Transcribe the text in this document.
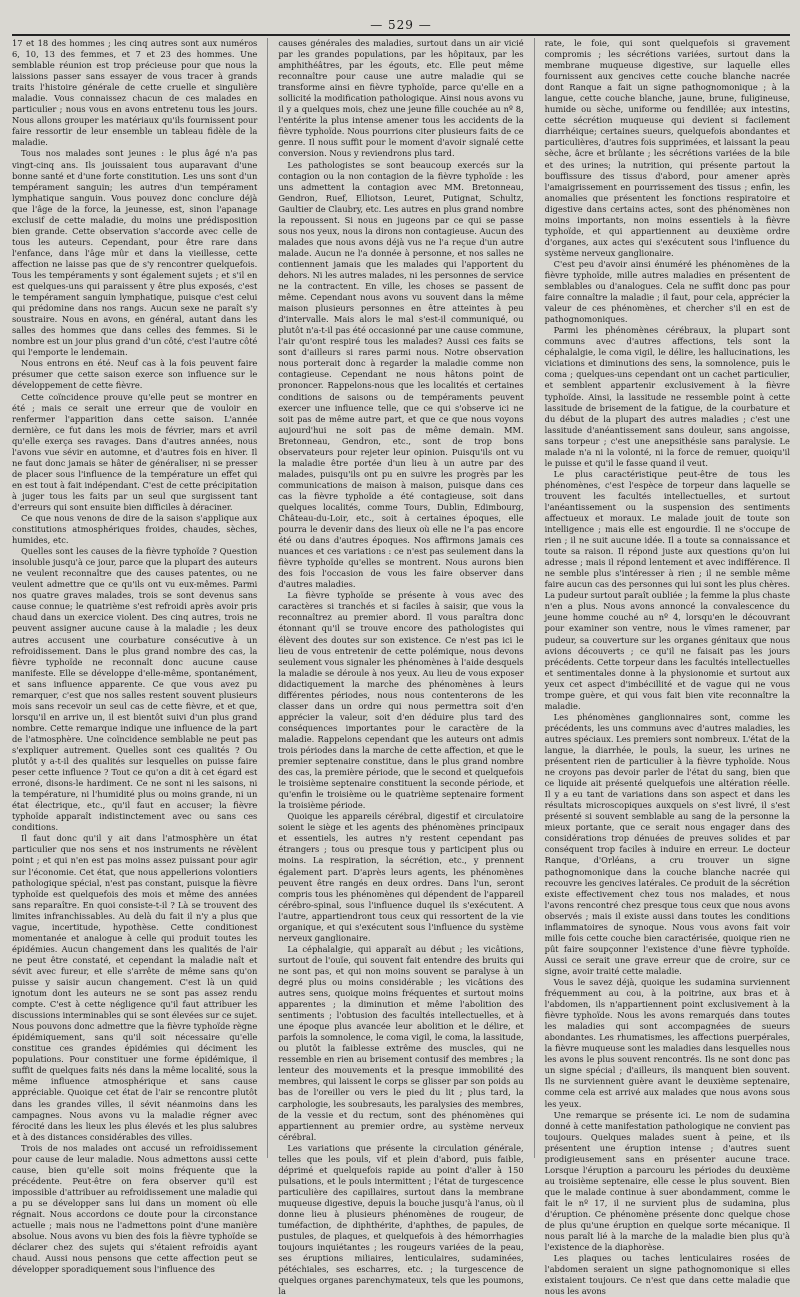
— 529 —

17 et 18 des hommes ; les cinq autres sont aux numéros 6, 10, 13 des femmes, et 7 et 23 des hommes. Une semblable réunion est trop précieuse pour que nous la laissions passer sans essayer de vous tracer à grands traits l'histoire générale de cette cruelle et singulière maladie. Vous connaissez chacun de ces malades en particulier ; nous vous en avons entretenu tous les jours. Nous allons grouper les matériaux qu'ils fournissent pour faire ressortir de leur ensemble un tableau fidèle de la maladie.

Tous nos malades sont jeunes : le plus âgé n'a pas vingt-cinq ans. Ils jouissaient tous auparavant d'une bonne santé et d'une forte constitution. Les uns sont d'un tempérament sanguin; les autres d'un tempérament lymphatique sanguin. Vous pouvez donc conclure déjà que l'âge de la force, la jeunesse, est, sinon l'apanage exclusif de cette maladie, du moins une prédisposition bien grande. Cette observation s'accorde avec celle de tous les auteurs. Cependant, pour être rare dans l'enfance, dans l'âge mûr et dans la vieillesse, cette affection ne laisse pas que de s'y rencontrer quelquefois. Tous les tempéraments y sont également sujets ; et s'il en est quelques-uns qui paraissent y être plus exposés, c'est le tempérament sanguin lymphatique, puisque c'est celui qui prédomine dans nos rangs. Aucun sexe ne paraît s'y soustraire. Nous en avons, en général, autant dans les salles des hommes que dans celles des femmes. Si le nombre est un jour plus grand d'un côté, c'est l'autre côté qui l'emporte le lendemain.

Nous entrons en été. Neuf cas à la fois peuvent faire présumer que cette saison exerce son influence sur le développement de cette fièvre.

Cette coïncidence prouve qu'elle peut se montrer en été ; mais ce serait une erreur que de vouloir en renfermer l'apparition dans cette saison. L'année dernière, ce fut dans les mois de février, mars et avril qu'elle exerça ses ravages. Dans d'autres années, nous l'avons vue sévir en automne, et d'autres fois en hiver. Il ne faut donc jamais se hâter de généraliser, ni se presser de placer sous l'influence de la température un effet qui en est tout à fait indépendant. C'est de cette précipitation à juger tous les faits par un seul que surgissent tant d'erreurs qui sont ensuite bien difficiles à déraciner.

Ce que nous venons de dire de la saison s'applique aux constitutions atmosphériques froides, chaudes, sèches, humides, etc.

Quelles sont les causes de la fièvre typhoïde ? Question insoluble jusqu'à ce jour, parce que la plupart des auteurs ne veulent reconnaître que des causes patentes, ou ne veulent admettre que ce qu'ils ont vu eux-mêmes. Parmi nos quatre graves malades, trois se sont devenus sans cause connue; le quatrième s'est refroidi après avoir pris chaud dans un exercice violent. Des cinq autres, trois ne peuvent assigner aucune cause à la maladie ; les deux autres accusent une courbature consécutive à un refroidissement. Dans le plus grand nombre des cas, la fièvre typhoïde ne reconnaît donc aucune cause manifeste. Elle se développe d'elle-même, spontanément, et sans influence apparente. Ce que vous avez pu remarquer, c'est que nos salles restent souvent plusieurs mois sans recevoir un seul cas de cette fièvre, et et que, lorsqu'il en arrive un, il est bientôt suivi d'un plus grand nombre. Cette remarque indique une influence de la part de l'atmosphère. Une coïncidence semblable ne peut pas s'expliquer autrement. Quelles sont ces qualités ? Ou plutôt y a-t-il des qualités sur lesquelles on puisse faire peser cette influence ? Tout ce qu'on a dit à cet égard est erroné, disons-le hardiment. Ce ne sont ni les saisons, ni la température, ni l'humidité plus ou moins grande, ni un état électrique, etc., qu'il faut en accuser; la fièvre typhoïde apparaît indistinctement avec ou sans ces conditions.

Il faut donc qu'il y ait dans l'atmosphère un état particulier que nos sens et nos instruments ne révèlent point ; et qui n'en est pas moins assez puissant pour agir sur l'économie. Cet état, que nous appellerions volontiers pathologique spécial, n'est pas constant, puisque la fièvre typhoïde est quelquefois des mois et même des années sans reparaître. En quoi consiste-t-il ? Là se trouvent des limites infranchissables. Au delà du fait il n'y a plus que vague, incertitude, hypothèse. Cette conditionest momentanée et analogue à celle qui produit toutes les épidémies. Aucun changement dans les qualités de l'air ne peut être constaté, et cependant la maladie naît et sévit avec fureur, et elle s'arrête de même sans qu'on puisse y saisir aucun changement. C'est là un quid ignotum dont les auteurs ne se sont pas assez rendu compte. C'est à cette négligence qu'il faut attribuer les discussions interminables qui se sont élevées sur ce sujet. Nous pouvons donc admettre que la fièvre typhoïde règne épidémiquement, sans qu'il soit nécessaire qu'elle constitue ces grandes épidémies qui déciment les populations. Pour constituer une forme épidémique, il suffit de quelques faits nés dans la même localité, sous la même influence atmosphérique et sans cause appréciable. Quoique cet état de l'air se rencontre plutôt dans les grandes villes, il sévit néanmoins dans les campagnes. Nous avons vu la maladie régner avec férocité dans les lieux les plus élevés et les plus salubres et à des distances considérables des villes.

Trois de nos malades ont accusé un refroidissement pour cause de leur maladie. Nous admettons aussi cette cause, bien qu'elle soit moins fréquente que la précédente. Peut-être on fera observer qu'il est impossible d'attribuer au refroidissement une maladie qui a pu se développer sans lui dans un moment où elle régnait. Nous accordons ce doute pour la circonstance actuelle ; mais nous ne l'admettons point d'une manière absolue. Nous avons vu bien des fois la fièvre typhoïde se déclarer chez des sujets qui s'étaient refroidis ayant chaud. Aussi nous pensons que cette affection peut se développer sporadiquement sous l'influence des

causes générales des maladies, surtout dans un air vicié par les grandes populations, par les hôpitaux, par les amphithéâtres, par les égouts, etc. Elle peut même reconnaître pour cause une autre maladie qui se transforme ainsi en fièvre typhoïde, parce qu'elle en a sollicité la modification pathologique. Ainsi nous avons vu il y a quelques mois, chez une jeune fille couchée au nº 8, l'entérite la plus intense amener tous les accidents de la fièvre typhoïde. Nous pourrions citer plusieurs faits de ce genre. Il nous suffit pour le moment d'avoir signalé cette conversion. Nous y reviendrons plus tard.

Les pathologistes se sont beaucoup exercés sur la contagion ou la non contagion de la fièvre typhoïde : les uns admettent la contagion avec MM. Bretonneau, Gendron, Ruef, Elliotson, Leuret, Putignat, Schultz, Gaultier de Claubry, etc. Les autres en plus grand nombre la repoussent. Si nous en jugeons par ce qui se passe sous nos yeux, nous la dirons non contagieuse. Aucun des malades que nous avons déjà vus ne l'a reçue d'un autre malade. Aucun ne l'a donnée à personne, et nos salles ne contiennent jamais que les malades qui l'apportent du dehors. Ni les autres malades, ni les personnes de service ne la contractent. En ville, les choses se passent de même. Cependant nous avons vu souvent dans la même maison plusieurs personnes en être atteintes à peu d'intervalle. Mais alors le mal s'est-il communiqué, ou plutôt n'a-t-il pas été occasionné par une cause commune, l'air qu'ont respiré tous les malades? Aussi ces faits se sont d'ailleurs si rares parmi nous. Notre observation nous porterait donc à regarder la maladie comme non contagieuse. Cependant ne nous hâtons point de prononcer. Rappelons-nous que les localités et certaines conditions de saisons ou de tempéraments peuvent exercer une influence telle, que ce qui s'observe ici ne soit pas de même autre part, et que ce que nous voyons aujourd'hui ne soit pas de même demain. MM. Bretonneau, Gendron, etc., sont de trop bons observateurs pour rejeter leur opinion. Puisqu'ils ont vu la maladie être portée d'un lieu à un autre par des malades, puisqu'ils ont pu en suivre les progrès par les communications de maison à maison, puisque dans ces cas la fièvre typhoïde a été contagieuse, soit dans quelques localités, comme Tours, Dublin, Edimbourg, Château-du-Loir, etc., soit à certaines époques, elle pourra le devenir dans des lieux où elle ne l'a pas encore été ou dans d'autres époques. Nos affirmons jamais ces nuances et ces variations : ce n'est pas seulement dans la fièvre typhoïde qu'elles se montrent. Nous aurons bien des fois l'occasion de vous les faire observer dans d'autres maladies.

La fièvre typhoïde se présente à vous avec des caractères si tranchés et si faciles à saisir, que vous la reconnaîtrez au premier abord. Il vous paraîtra donc étonnant qu'il se trouve encore des pathologistes qui élèvent des doutes sur son existence. Ce n'est pas ici le lieu de vous entretenir de cette polémique, nous devons seulement vous signaler les phénomènes à l'aide desquels la maladie se déroule à nos yeux. Au lieu de vous exposer didactiquement la marche des phénomènes à leurs différentes périodes, nous nous contenterons de les classer dans un ordre qui nous permettra soit d'en apprécier la valeur, soit d'en déduire plus tard des conséquences importantes pour le caractère de la maladie. Rappelons cependant que les auteurs ont admis trois périodes dans la marche de cette affection, et que le premier septenaire constitue, dans le plus grand nombre des cas, la première période, que le second et quelquefois le troisième septenaire constituent la seconde période, et qu'enfin le troisième ou le quatrième septenaire forment la troisième période.

Quoique les appareils cérébral, digestif et circulatoire soient le siège et les agents des phénomènes principaux et essentiels, les autres n'y restent cependant pas étrangers ; tous ou presque tous y participent plus ou moins. La respiration, la sécrétion, etc., y prennent également part. D'après leurs agents, les phénomènes peuvent être rangés en deux ordres. Dans l'un, seront compris tous les phénomènes qui dépendent de l'appareil cérébro-spinal, sous l'influence duquel ils s'exécutent. A l'autre, appartiendront tous ceux qui ressortent de la vie organique, et qui s'exécutent sous l'influence du système nerveux ganglionaire.

La céphalalgie, qui apparaît au début ; les vicâtions, surtout de l'ouïe, qui souvent fait entendre des bruits qui ne sont pas, et qui non moins souvent se paralyse à un degré plus ou moins considérable ; les vicâtions des autres sens, quoique moins fréquentes et surtout moins apparentes ; la diminution et même l'abolition des sentiments ; l'obtusion des facultés intellectuelles, et à une époque plus avancée leur abolition et le délire, et parfois la somnolence, le coma vigil, le coma, la lassitude, ou plutôt la faiblesse extrême des muscles, qui ne ressemble en rien au brisement contusif des membres ; la lenteur des mouvements et la presque immobilité des membres, qui laissent le corps se glisser par son poids au bas de l'oreiller ou vers le pied du lit ; plus tard, la carphologie, les soubresauts, les paralysies des membres, de la vessie et du rectum, sont des phénomènes qui appartiennent au premier ordre, au système nerveux cérébral.

Les variations que présente la circulation générale, telles que les pouls, vif et plein d'abord, puis faible, déprimé et quelquefois rapide au point d'aller à 150 pulsations, et le pouls intermittent ; l'état de turgescence particulière des capillaires, surtout dans la membrane muqueuse digestive, depuis la bouche jusqu'à l'anus, où il donne lieu à plusieurs phénomènes de rougeur, de tuméfaction, de diphthérite, d'aphthes, de papules, de pustules, de plaques, et quelquefois à des hémorrhagies toujours inquiétantes ; les rougeurs variées de la peau, ses éruptions miliaires, lenticulaires, sudaminées, pétéchiales, ses escharres, etc. ; la turgescence de quelques organes parenchymateux, tels que les poumons, la

rate, le foie, qui sont quelquefois si gravement compromis ; les sécrétions variées, surtout dans la membrane muqueuse digestive, sur laquelle elles fournissent aux gencives cette couche blanche nacrée dont Ranque a fait un signe pathognomonique ; à la langue, cette couche blanche, jaune, brune, fuligineuse, humide ou sèche, uniforme ou fendillée; aux intestins, cette sécrétion muqueuse qui devient si facilement diarrhéique; certaines sueurs, quelquefois abondantes et particulières, d'autres fois supprimées, et laissant la peau sèche, âcre et brûlante ; les sécrétions variées de la bile et des urines; la nutrition, qui présente partout la bouffissure des tissus d'abord, pour amener après l'amaigrissement en pourrissement des tissus ; enfin, les anomalies que présentent les fonctions respiratoire et digestive dans certains actes, sont des phénomènes non moins importants, non moins essentiels à la fièvre typhoïde, et qui appartiennent au deuxième ordre d'organes, aux actes qui s'exécutent sous l'influence du système nerveux ganglionaire.

C'est peu d'avoir ainsi énuméré les phénomènes de la fièvre typhoïde, mille autres maladies en présentent de semblables ou d'analogues. Cela ne suffit donc pas pour faire connaître la maladie ; il faut, pour cela, apprécier la valeur de ces phénomènes, et chercher s'il en est de pathognomoniques.

Parmi les phénomènes cérébraux, la plupart sont communs avec d'autres affections, tels sont la céphalalgie, le coma vigil, le délire, les hallucinations, les viciations et diminutions des sens, la somnolence, puis le coma ; quelques-uns cependant ont un cachet particulier, et semblent appartenir exclusivement à la fièvre typhoïde. Ainsi, la lassitude ne ressemble point à cette lassitude de brisement de la fatigue, de la courbature et du début de la plupart des autres maladies ; c'est une lassitude d'anéantissement sans douleur, sans angoisse, sans torpeur ; c'est une anepsithésie sans paralysie. Le malade n'a ni la volonté, ni la force de remuer, quoiqu'il le puisse et qu'il le fasse quand il veut.

Le plus caractéristique peut-être de tous les phénomènes, c'est l'espèce de torpeur dans laquelle se trouvent les facultés intellectuelles, et surtout l'anéantissement ou la suspension des sentiments affectueux et moraux. Le malade jouit de toute son intelligence ; mais elle est engourdie. Il ne s'occupe de rien ; il ne suit aucune idée. Il a toute sa connaissance et toute sa raison. Il répond juste aux questions qu'on lui adresse ; mais il répond lentement et avec indifférence. Il ne semble plus s'intéresser à rien ; il ne semble même faire aucun cas des personnes qui lui sont les plus chères. La pudeur surtout paraît oubliée ; la femme la plus chaste n'en a plus. Nous avons annoncé la convalescence du jeune homme couché au nº 4, lorsqu'en le découvrant pour examiner son ventre, nous le vîmes ramener, par pudeur, sa couverture sur les organes génitaux que nous avions découverts ; ce qu'il ne faisait pas les jours précédents. Cette torpeur dans les facultés intellectuelles et sentimentales donne à la physionomie et surtout aux yeux cet aspect d'imbécillité et de vague qui ne vous trompe guère, et qui vous fait bien vite reconnaître la maladie.

Les phénomènes ganglionnaires sont, comme les précédents, les uns communs avec d'autres maladies, les autres spéciaux. Les premiers sont nombreux. L'état de la langue, la diarrhée, le pouls, la sueur, les urines ne présentent rien de particulier à la fièvre typhoïde. Nous ne croyons pas devoir parler de l'état du sang, bien que ce liquide ait présenté quelquefois une altération réelle. Il y a eu tant de variations dans son aspect et dans les résultats microscopiques auxquels on s'est livré, il s'est présenté si souvent semblable au sang de la personne la mieux portante, que ce serait nous engager dans des considérations trop dénuées de preuves solides et par conséquent trop faciles à induire en erreur. Le docteur Ranque, d'Orléans, a cru trouver un signe pathognomonique dans la couche blanche nacrée qui recouvre les gencives latérales. Ce produit de la sécrétion existe effectivement chez tous nos malades, et nous l'avons rencontré chez presque tous ceux que nous avons observés ; mais il existe aussi dans toutes les conditions inflammatoires de synoque. Nous vous avons fait voir mille fois cette couche bien caractérisée, quoique rien ne pût faire soupçonner l'existence d'une fièvre typhoïde. Aussi ce serait une grave erreur que de croire, sur ce signe, avoir traité cette maladie.

Vous le savez déjà, quoique les sudamina surviennent fréquemment au cou, à la poitrine, aux bras et à l'abdomen, ils n'appartiennent point exclusivement à la fièvre typhoïde. Nous les avons remarqués dans toutes les maladies qui sont accompagnées de sueurs abondantes. Les rhumatismes, les affections puerpérales, la fièvre muqueuse sont les maladies dans lesquelles nous les avons le plus souvent rencontrés. Ils ne sont donc pas un signe spécial ; d'ailleurs, ils manquent bien souvent. Ils ne surviennent guère avant le deuxième septenaire, comme cela est arrivé aux malades que nous avons sous les yeux.

Une remarque se présente ici. Le nom de sudamina donné à cette manifestation pathologique ne convient pas toujours. Quelques malades suent à peine, et ils présentent une éruption intense ; d'autres suent prodigieusement sans en présenter aucune trace. Lorsque l'éruption a parcouru les périodes du deuxième au troisième septenaire, elle cesse le plus souvent. Bien que le malade continue à suer abondamment, comme le fait le nº 17, il ne survient plus de sudamina, plus d'éruption. Ce phénomène présente donc quelque chose de plus qu'une éruption en quelque sorte mécanique. Il nous paraît lié à la marche de la maladie bien plus qu'à l'existence de la diaphorèse.

Les plaques ou taches lenticulaires rosées de l'abdomen seraient un signe pathognomonique si elles existaient toujours. Ce n'est que dans cette maladie que nous les avons
